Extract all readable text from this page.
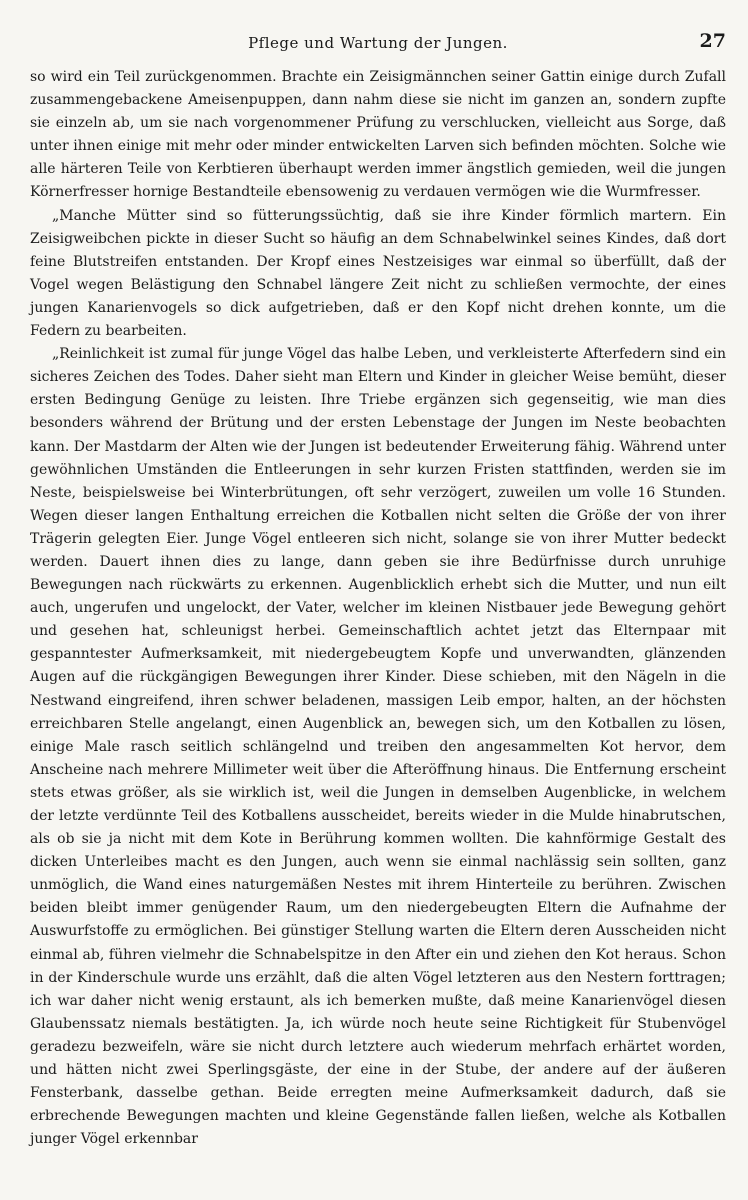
Pflege und Wartung der Jungen.	27

so wird ein Teil zurückgenommen. Brachte ein Zeisigmännchen seiner Gattin einige durch Zufall zusammengebackene Ameisenpuppen, dann nahm diese sie nicht im ganzen an, sondern zupfte sie einzeln ab, um sie nach vorgenommener Prüfung zu verschlucken, vielleicht aus Sorge, daß unter ihnen einige mit mehr oder minder entwickelten Larven sich befinden möchten. Solche wie alle härteren Teile von Kerbtieren überhaupt werden immer ängstlich gemieden, weil die jungen Körnerfresser hornige Bestandteile ebensowenig zu verdauen vermögen wie die Wurmfresser.

„Manche Mütter sind so fütterungssüchtig, daß sie ihre Kinder förmlich martern. Ein Zeisigweibchen pickte in dieser Sucht so häufig an dem Schnabelwinkel seines Kindes, daß dort feine Blutstreifen entstanden. Der Kropf eines Nestzeisiges war einmal so überfüllt, daß der Vogel wegen Belästigung den Schnabel längere Zeit nicht zu schließen vermochte, der eines jungen Kanarienvogels so dick aufgetrieben, daß er den Kopf nicht drehen konnte, um die Federn zu bearbeiten.

„Reinlichkeit ist zumal für junge Vögel das halbe Leben, und verkleisterte Afterfedern sind ein sicheres Zeichen des Todes. Daher sieht man Eltern und Kinder in gleicher Weise bemüht, dieser ersten Bedingung Genüge zu leisten. Ihre Triebe ergänzen sich gegenseitig, wie man dies besonders während der Brütung und der ersten Lebenstage der Jungen im Neste beobachten kann. Der Mastdarm der Alten wie der Jungen ist bedeutender Erweiterung fähig. Während unter gewöhnlichen Umständen die Entleerungen in sehr kurzen Fristen stattfinden, werden sie im Neste, beispielsweise bei Winterbrütungen, oft sehr verzögert, zuweilen um volle 16 Stunden. Wegen dieser langen Enthaltung erreichen die Kotballen nicht selten die Größe der von ihrer Trägerin gelegten Eier. Junge Vögel entleeren sich nicht, solange sie von ihrer Mutter bedeckt werden. Dauert ihnen dies zu lange, dann geben sie ihre Bedürfnisse durch unruhige Bewegungen nach rückwärts zu erkennen. Augenblicklich erhebt sich die Mutter, und nun eilt auch, ungerufen und ungelockt, der Vater, welcher im kleinen Nistbauer jede Bewegung gehört und gesehen hat, schleunigst herbei. Gemeinschaftlich achtet jetzt das Elternpaar mit gespanntester Aufmerksamkeit, mit niedergebeugtem Kopfe und unverwandten, glänzenden Augen auf die rückgängigen Bewegungen ihrer Kinder. Diese schieben, mit den Nägeln in die Nestwand eingreifend, ihren schwer beladenen, massigen Leib empor, halten, an der höchsten erreichbaren Stelle angelangt, einen Augenblick an, bewegen sich, um den Kotballen zu lösen, einige Male rasch seitlich schlängelnd und treiben den angesammelten Kot hervor, dem Anscheine nach mehrere Millimeter weit über die Afteröffnung hinaus. Die Entfernung erscheint stets etwas größer, als sie wirklich ist, weil die Jungen in demselben Augenblicke, in welchem der letzte verdünnte Teil des Kotballens ausscheidet, bereits wieder in die Mulde hinabrutschen, als ob sie ja nicht mit dem Kote in Berührung kommen wollten. Die kahnförmige Gestalt des dicken Unterleibes macht es den Jungen, auch wenn sie einmal nachlässig sein sollten, ganz unmöglich, die Wand eines naturgemäßen Nestes mit ihrem Hinterteile zu berühren. Zwischen beiden bleibt immer genügender Raum, um den niedergebeugten Eltern die Aufnahme der Auswurfstoffe zu ermöglichen. Bei günstiger Stellung warten die Eltern deren Ausscheiden nicht einmal ab, führen vielmehr die Schnabelspitze in den After ein und ziehen den Kot heraus. Schon in der Kinderschule wurde uns erzählt, daß die alten Vögel letzteren aus den Nestern forttragen; ich war daher nicht wenig erstaunt, als ich bemerken mußte, daß meine Kanarienvögel diesen Glaubenssatz niemals bestätigten. Ja, ich würde noch heute seine Richtigkeit für Stubenvögel geradezu bezweifeln, wäre sie nicht durch letztere auch wiederum mehrfach erhärtet worden, und hätten nicht zwei Sperlingsgäste, der eine in der Stube, der andere auf der äußeren Fensterbank, dasselbe gethan. Beide erregten meine Aufmerksamkeit dadurch, daß sie erbrechende Bewegungen machten und kleine Gegenstände fallen ließen, welche als Kotballen junger Vögel erkennbar
